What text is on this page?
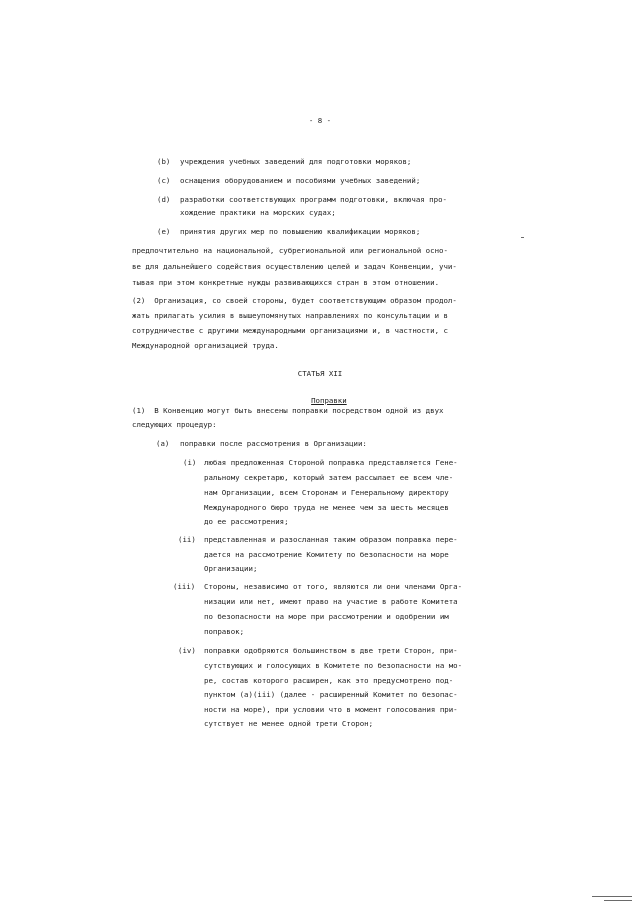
- 8 -
(b) учреждения учебных заведений для подготовки моряков;
(c) оснащения оборудованием и пособиями учебных заведений;
(d) разработки соответствующих программ подготовки, включая про-
хождение практики на морских судах;
(e) принятия других мер по повышению квалификации моряков;
предпочтительно на национальной, субрегиональной или региональной осно-
ве для дальнейшего содействия осуществлению целей и задач Конвенции, учи-
тывая при этом конкретные нужды развивающихся стран в этом отношении.
(2)  Организация, со своей стороны, будет соответствующим образом продол-
жать прилагать усилия в вышеупомянутых направлениях по консультации и в
сотрудничестве с другими международными организациями и, в частности, с
Международной организацией труда.
СТАТЬЯ XII

Поправки

(1)  В Конвенцию могут быть внесены поправки посредством одной из двух
следующих процедур:
(a) поправки после рассмотрения в Организации:
(i) любая предложенная Стороной поправка представляется Гене-
ральному секретарю, который затем рассылает ее всем чле-
нам Организации, всем Сторонам и Генеральному директору
Международного бюро труда не менее чем за шесть месяцев
до ее рассмотрения;
(ii) представленная и разосланная таким образом поправка пере-
дается на рассмотрение Комитету по безопасности на море
Организации;
(iii) Стороны, независимо от того, являются ли они членами Орга-
низации или нет, имеют право на участие в работе Комитета
по безопасности на море при рассмотрении и одобрении им
поправок;
(iv) поправки одобряются большинством в две трети Сторон, при-
сутствующих и голосующих в Комитете по безопасности на мо-
ре, состав которого расширен, как это предусмотрено под-
пунктом (a)(iii) (далее - расширенный Комитет по безопас-
ности на море), при условии что в момент голосования при-
сутствует не менее одной трети Сторон;
